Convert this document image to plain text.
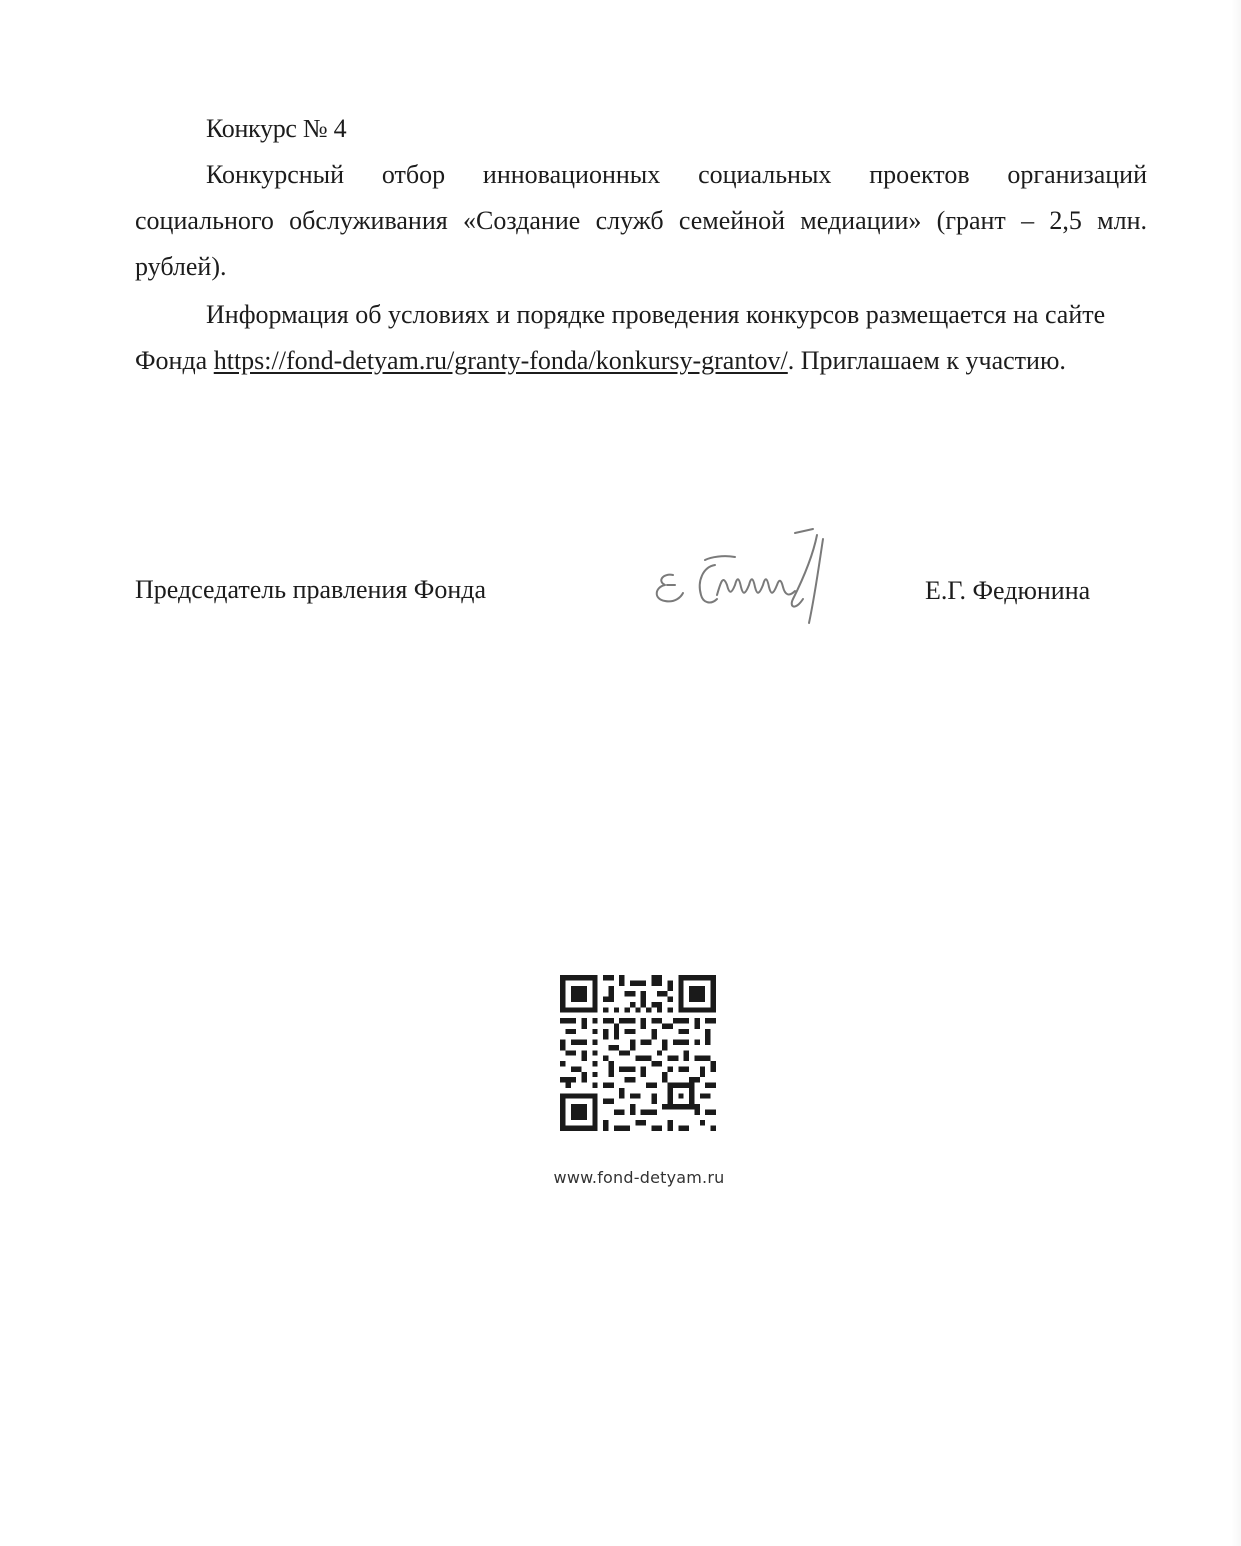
Конкурс № 4

Конкурсный отбор инновационных социальных проектов организаций социального обслуживания «Создание служб семейной медиации» (грант – 2,5 млн. рублей).

Информация об условиях и порядке проведения конкурсов размещается на сайте Фонда https://fond-detyam.ru/granty-fonda/konkursy-grantov/. Приглашаем к участию.

Председатель правления Фонда	Е.Г. Федюнина
www.fond-detyam.ru
